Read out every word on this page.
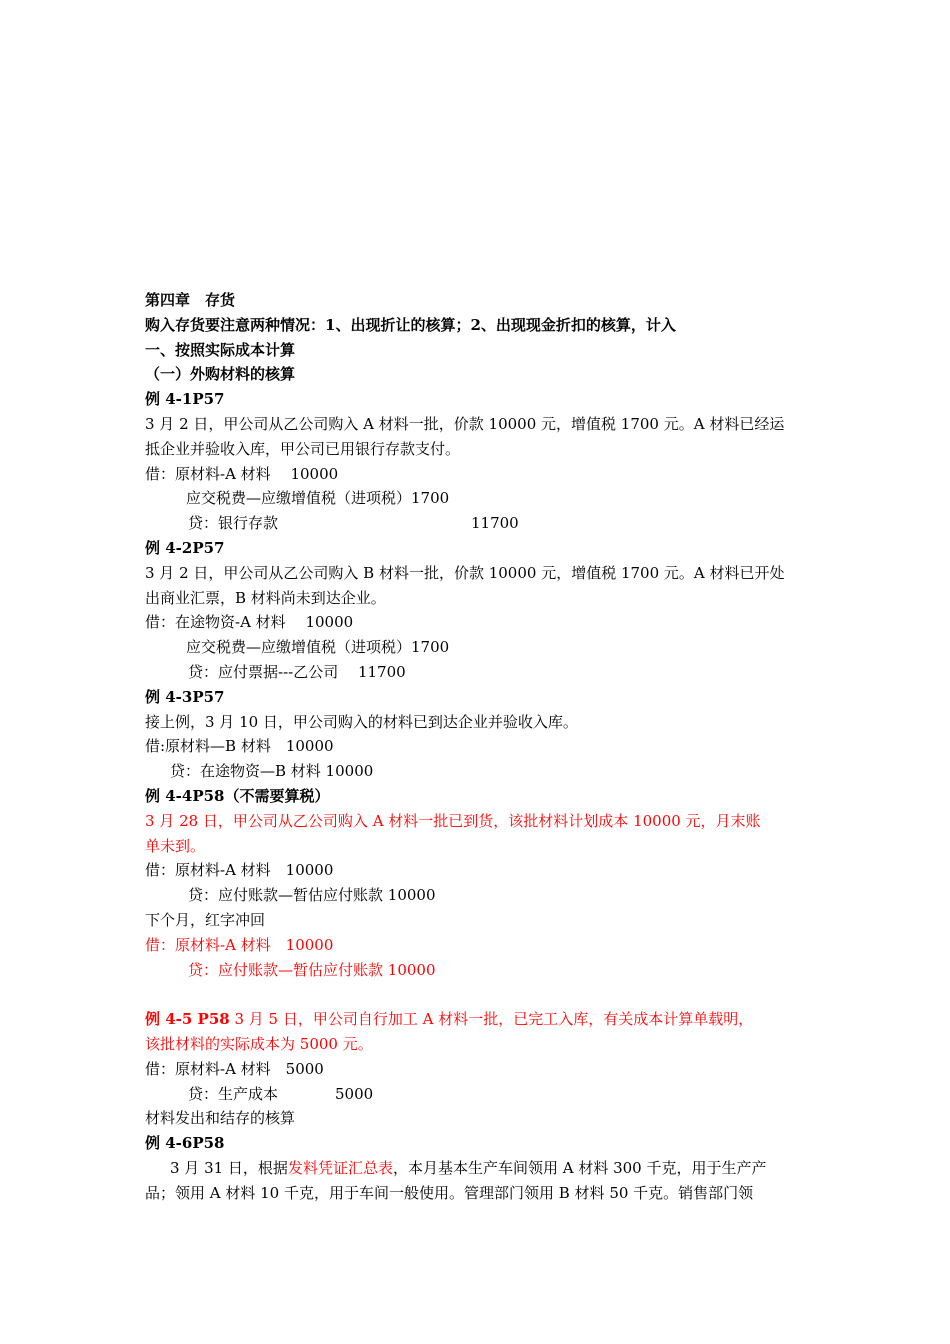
第四章　存货
购入存货要注意两种情况：1、出现折让的核算；2、出现现金折扣的核算，计入
一、按照实际成本计算
（一）外购材料的核算
例 4-1P57
3 月 2 日，甲公司从乙公司购入 A 材料一批，价款 10000 元，增值税 1700 元。A 材料已经运
抵企业并验收入库，甲公司已用银行存款支付。
借：原材料-A 材料　 10000
应交税费—应缴增值税（进项税）1700
贷：银行存款	11700
例 4-2P57
3 月 2 日，甲公司从乙公司购入 B 材料一批，价款 10000 元，增值税 1700 元。A 材料已开处
出商业汇票，B 材料尚未到达企业。
借：在途物资-A 材料　 10000
应交税费—应缴增值税（进项税）1700
贷：应付票据---乙公司　 11700
例 4-3P57
接上例，3 月 10 日，甲公司购入的材料已到达企业并验收入库。
借:原材料—B 材料　10000
贷：在途物资—B 材料 10000
例 4-4P58（不需要算税）
3 月 28 日，甲公司从乙公司购入 A 材料一批已到货，该批材料计划成本 10000 元，月末账
单未到。
借：原材料-A 材料　10000
贷：应付账款—暂估应付账款 10000
下个月，红字冲回
借：原材料-A 材料　10000
贷：应付账款—暂估应付账款 10000
例 4-5 P58 3 月 5 日，甲公司自行加工 A 材料一批，已完工入库，有关成本计算单载明，
该批材料的实际成本为 5000 元。
借：原材料-A 材料　5000
贷：生产成本	5000
材料发出和结存的核算
例 4-6P58
3 月 31 日，根据发料凭证汇总表，本月基本生产车间领用 A 材料 300 千克，用于生产产
品；领用 A 材料 10 千克，用于车间一般使用。管理部门领用 B 材料 50 千克。销售部门领
